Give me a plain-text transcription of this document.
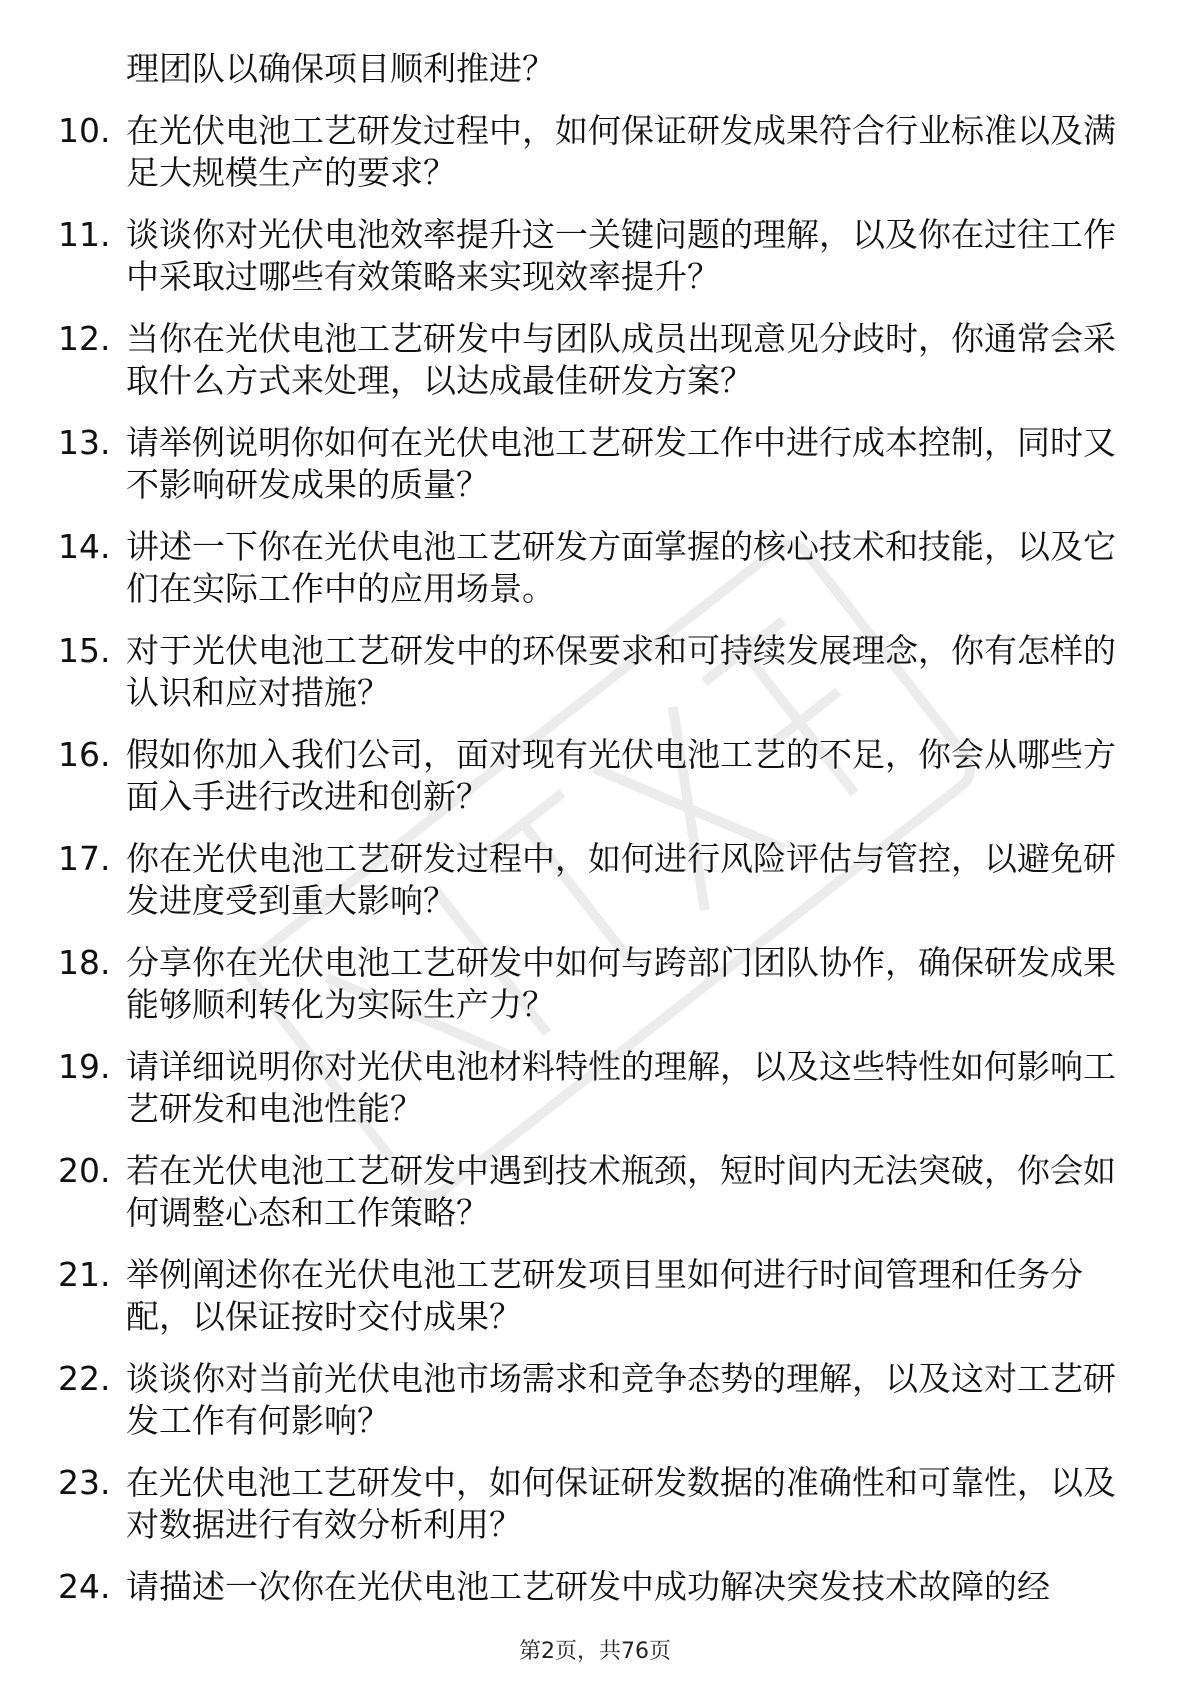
理团队以确保项目顺利推进？
10. 在光伏电池工艺研发过程中，如何保证研发成果符合行业标准以及满足大规模生产的要求？
11. 谈谈你对光伏电池效率提升这一关键问题的理解，以及你在过往工作中采取过哪些有效策略来实现效率提升？
12. 当你在光伏电池工艺研发中与团队成员出现意见分歧时，你通常会采取什么方式来处理，以达成最佳研发方案？
13. 请举例说明你如何在光伏电池工艺研发工作中进行成本控制，同时又不影响研发成果的质量？
14. 讲述一下你在光伏电池工艺研发方面掌握的核心技术和技能，以及它们在实际工作中的应用场景。
15. 对于光伏电池工艺研发中的环保要求和可持续发展理念，你有怎样的认识和应对措施？
16. 假如你加入我们公司，面对现有光伏电池工艺的不足，你会从哪些方面入手进行改进和创新？
17. 你在光伏电池工艺研发过程中，如何进行风险评估与管控，以避免研发进度受到重大影响？
18. 分享你在光伏电池工艺研发中如何与跨部门团队协作，确保研发成果能够顺利转化为实际生产力？
19. 请详细说明你对光伏电池材料特性的理解，以及这些特性如何影响工艺研发和电池性能？
20. 若在光伏电池工艺研发中遇到技术瓶颈，短时间内无法突破，你会如何调整心态和工作策略？
21. 举例阐述你在光伏电池工艺研发项目里如何进行时间管理和任务分配，以保证按时交付成果？
22. 谈谈你对当前光伏电池市场需求和竞争态势的理解，以及这对工艺研发工作有何影响？
23. 在光伏电池工艺研发中，如何保证研发数据的准确性和可靠性，以及对数据进行有效分析利用？
24. 请描述一次你在光伏电池工艺研发中成功解决突发技术故障的经
第2页，共76页
